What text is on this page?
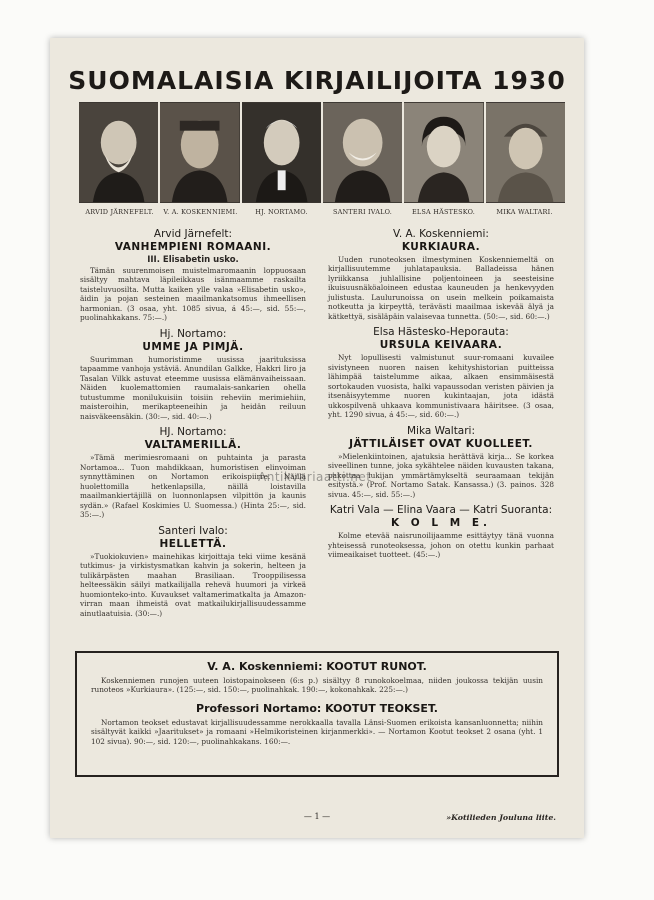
SUOMALAISIA KIRJAILIJOITA 1930
ARVID JÄRNEFELT.	V. A. KOSKENNIEMI.	HJ. NORTAMO.	SANTERI IVALO.	ELSA HÄSTESKO.	MIKA WALTARI.
Arvid Järnefelt:
VANHEMPIENI ROMAANI.
III. Elisabetin usko.

Tämän suurenmoisen muistelmaromaanin loppuosaan sisältyy mahtava läpileikkaus isänmaamme raskailta taisteluvuosilta. Mutta kaiken ylle valaa »Elisabetin usko», äidin ja pojan sesteinen maailmankatsomus ihmeellisen harmonian. (3 osaa, yht. 1085 sivua, á 45:—, sid. 55:—, puolinahkakans. 75:—.)

Hj. Nortamo:
UMME JA PIMJÄ.

Suurimman humoristimme uusissa jaarituksissa tapaamme vanhoja ystäviä. Anundilan Galkke, Hakkri Iiro ja Tasalan Vilkk astuvat eteemme uusissa elämänvaiheissaan. Näiden kuolemattomien raumalais-sankarien ohella tutustumme monilukuisiin toisiin reheviin merimiehiin, maisteroihin, merikapteeneihin ja heidän reiluun naisväkeensäkin. (30:—, sid. 40:—.)

HJ. Nortamo:
VALTAMERILLÄ.

»Tämä merimiesromaani on puhtainta ja parasta Nortamoa... Tuon mahdikkaan, humoristisen elinvoiman synnyttäminen on Nortamon erikoispiirre. Näillä huolettomilla hetkenlapsilla, näillä loistavilla maailmankiertäjillä on luonnonlapsen vilpittön ja kaunis sydän.» (Rafael Koskimies U. Suomessa.) (Hinta 25:—, sid. 35:—.)

Santeri Ivalo:
HELLETTÄ.

»Tuokiokuvien» mainehikas kirjoittaja teki viime kesänä tutkimus- ja virkistysmatkan kahvin ja sokerin, helteen ja tulikärpästen maahan Brasiliaan. Trooppilisessa helteessäkin säilyi matkailijalla rehevä huumori ja virkeä huomionteko-into. Kuvaukset valtamerimatkalta ja Amazon-virran maan ihmeistä ovat matkailukirjallisuudessamme ainutlaatuisia. (30:—.)

V. A. Koskenniemi:
KURKIAURA.

Uuden runoteoksen ilmestyminen Koskenniemeltä on kirjallisuutemme juhlatapauksia. Balladeissa hänen lyriikkansa juhlallisine poljentoineen ja seesteisine ikuisuusnäköaloineen edustaa kauneuden ja henkevyyden julistusta. Laulurunoissa on usein melkein poikamaista notkeutta ja kirpeyttä, terävästi maailmaa iskevää älyä ja kätkettyä, sisäläpäin valaisevaa tunnetta. (50:—, sid. 60:—.)

Elsa Hästesko-Heporauta:
URSULA KEIVAARA.

Nyt lopullisesti valmistunut suur-romaani kuvailee sivistyneen nuoren naisen kehityshistorian puitteissa lähimpää taistelumme aikaa, alkaen ensimmäisestä sortokauden vuosista, halki vapaussodan veristen päivien ja itsenäisyytemme nuoren kukintaajan, jota idästä ukkospilvenä uhkaava kommunistivaara häiritsee. (3 osaa, yht. 1290 sivua, á 45:—, sid. 60:—.)

Mika Waltari:
JÄTTILÄISET OVAT KUOLLEET.

»Mielenkiintoinen, ajatuksia herättävä kirja... Se korkea siveellinen tunne, joka sykähtelee näiden kuvausten takana, pakottaa lukijan ymmärtämykseltä seuraamaan tekijän esitystä.» (Prof. Nortamo Satak. Kansassa.) (3. painos. 328 sivua. 45:—, sid. 55:—.)

Katri Vala — Elina Vaara — Katri Suoranta:
K O L M E.

Kolme etevää naisrunoilijaamme esittäytyy tänä vuonna yhteisessä runoteoksessa, johon on otettu kunkin parhaat viimeaikaiset tuotteet. (45:—.)

Antikvariaatti.net
V. A. Koskenniemi: KOOTUT RUNOT.

Koskenniemen runojen uuteen loistopainokseen (6:s p.) sisältyy 8 runokokoelmaa, niiden joukossa tekijän uusin runoteos »Kurkiaura». (125:—, sid. 150:—, puolinahkak. 190:—, kokonahkak. 225:—.)

Professori Nortamo: KOOTUT TEOKSET.

Nortamon teokset edustavat kirjallisuudessamme nerokkaalla tavalla Länsi-Suomen erikoista kansanluonnetta; niihin sisältyvät kaikki »Jaaritukset» ja romaani »Helmikoristeinen kirjanmerkki». — Nortamon Kootut teokset 2 osana (yht. 1 102 sivua). 90:—, sid. 120:—, puolinahkakans. 160:—.

— 1 —	»Kotilieden Jouluna liite.
